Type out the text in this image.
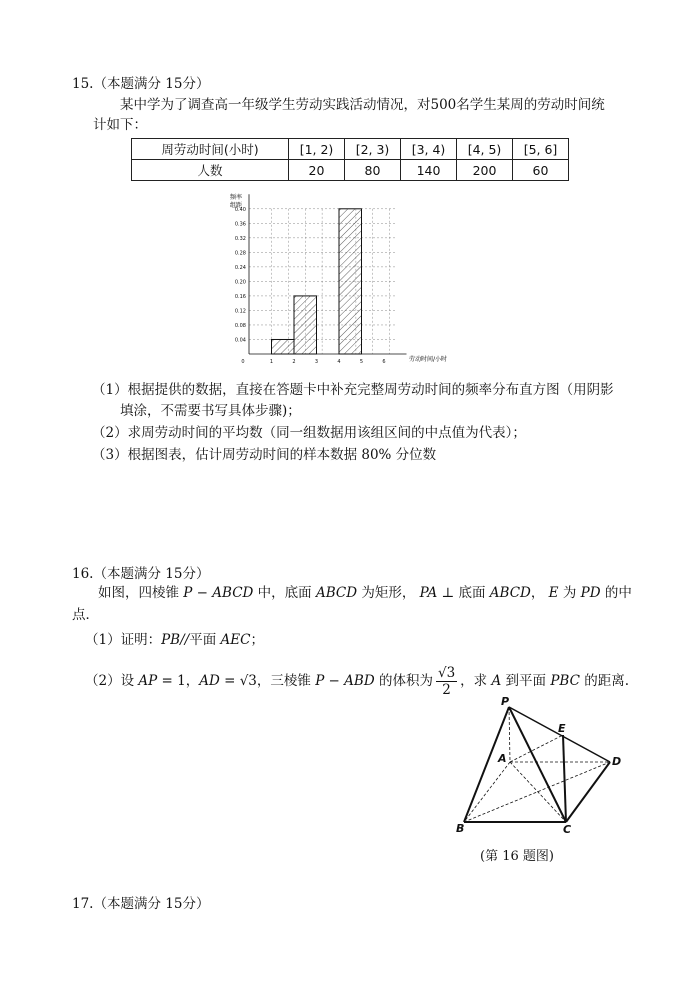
15.（本题满分 15分）
某中学为了调查高一年级学生劳动实践活动情况，对500名学生某周的劳动时间统
计如下：
周劳动时间(小时)	[1, 2)	[2, 3)	[3, 4)	[4, 5)	[5, 6]
人数	20	80	140	200	60
0.04
0.08
0.12
0.16
0.20
0.24
0.28
0.32
0.36
0.40
0	1	2	3	4	5	6
频率
组距
劳动时间/小时
（1）根据提供的数据，直接在答题卡中补充完整周劳动时间的频率分布直方图（用阴影
填涂，不需要书写具体步骤)；
（2）求周劳动时间的平均数（同一组数据用该组区间的中点值为代表）；
（3）根据图表，估计周劳动时间的样本数据 80% 分位数
16.（本题满分 15分）
如图，四棱锥 P − ABCD 中，底面 ABCD 为矩形， PA ⊥ 底面 ABCD， E 为 PD 的中
点．
（1）证明：PB//平面 AEC；
（2）设 AP = 1，AD = √3，三棱锥 P − ABD 的体积为 $\frac{√3}{2}$ ，求 A 到平面 PBC 的距离.
P
E
A	D
B	C
(第 16 题图)
17.（本题满分 15分）
